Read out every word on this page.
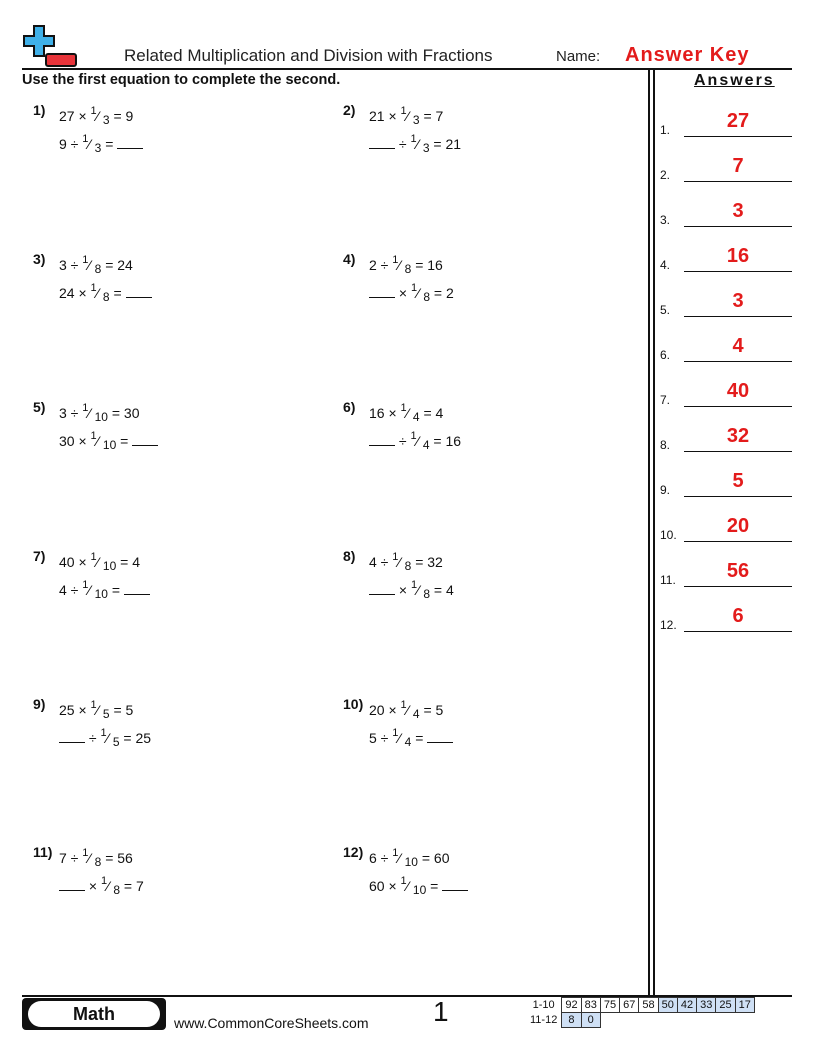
Related Multiplication and Division with Fractions	Name: Answer Key
Use the first equation to complete the second.	Answers
1) 27 × $^1$⁄ 3 = 9
9 ÷ $^1$⁄ 3 =
2) 21 × $^1$⁄ 3 = 7
÷ $^1$⁄ 3 = 21
3) 3 ÷ $^1$⁄ 8 = 24
24 × $^1$⁄ 8 =
4) 2 ÷ $^1$⁄ 8 = 16
× $^1$⁄ 8 = 2
5) 3 ÷ $^1$⁄ 10 = 30
30 × $^1$⁄ 10 =
6) 16 × $^1$⁄ 4 = 4
÷ $^1$⁄ 4 = 16
7) 40 × $^1$⁄ 10 = 4
4 ÷ $^1$⁄ 10 =
8) 4 ÷ $^1$⁄ 8 = 32
× $^1$⁄ 8 = 4
9) 25 × $^1$⁄ 5 = 5
÷ $^1$⁄ 5 = 25
10) 20 × $^1$⁄ 4 = 5
5 ÷ $^1$⁄ 4 =
11) 7 ÷ $^1$⁄ 8 = 56
× $^1$⁄ 8 = 7
12) 6 ÷ $^1$⁄ 10 = 60
60 × $^1$⁄ 10 =
1.	27
2.	7
3.	3
4.	16
5.	3
6.	4
7.	40
8.	32
9.	5
10.	20
11.	56
12.	6
Math	www.CommonCoreSheets.com 1	1-10	92	83	75	67	58	50	42	33	25	17
11-12	8	0								
